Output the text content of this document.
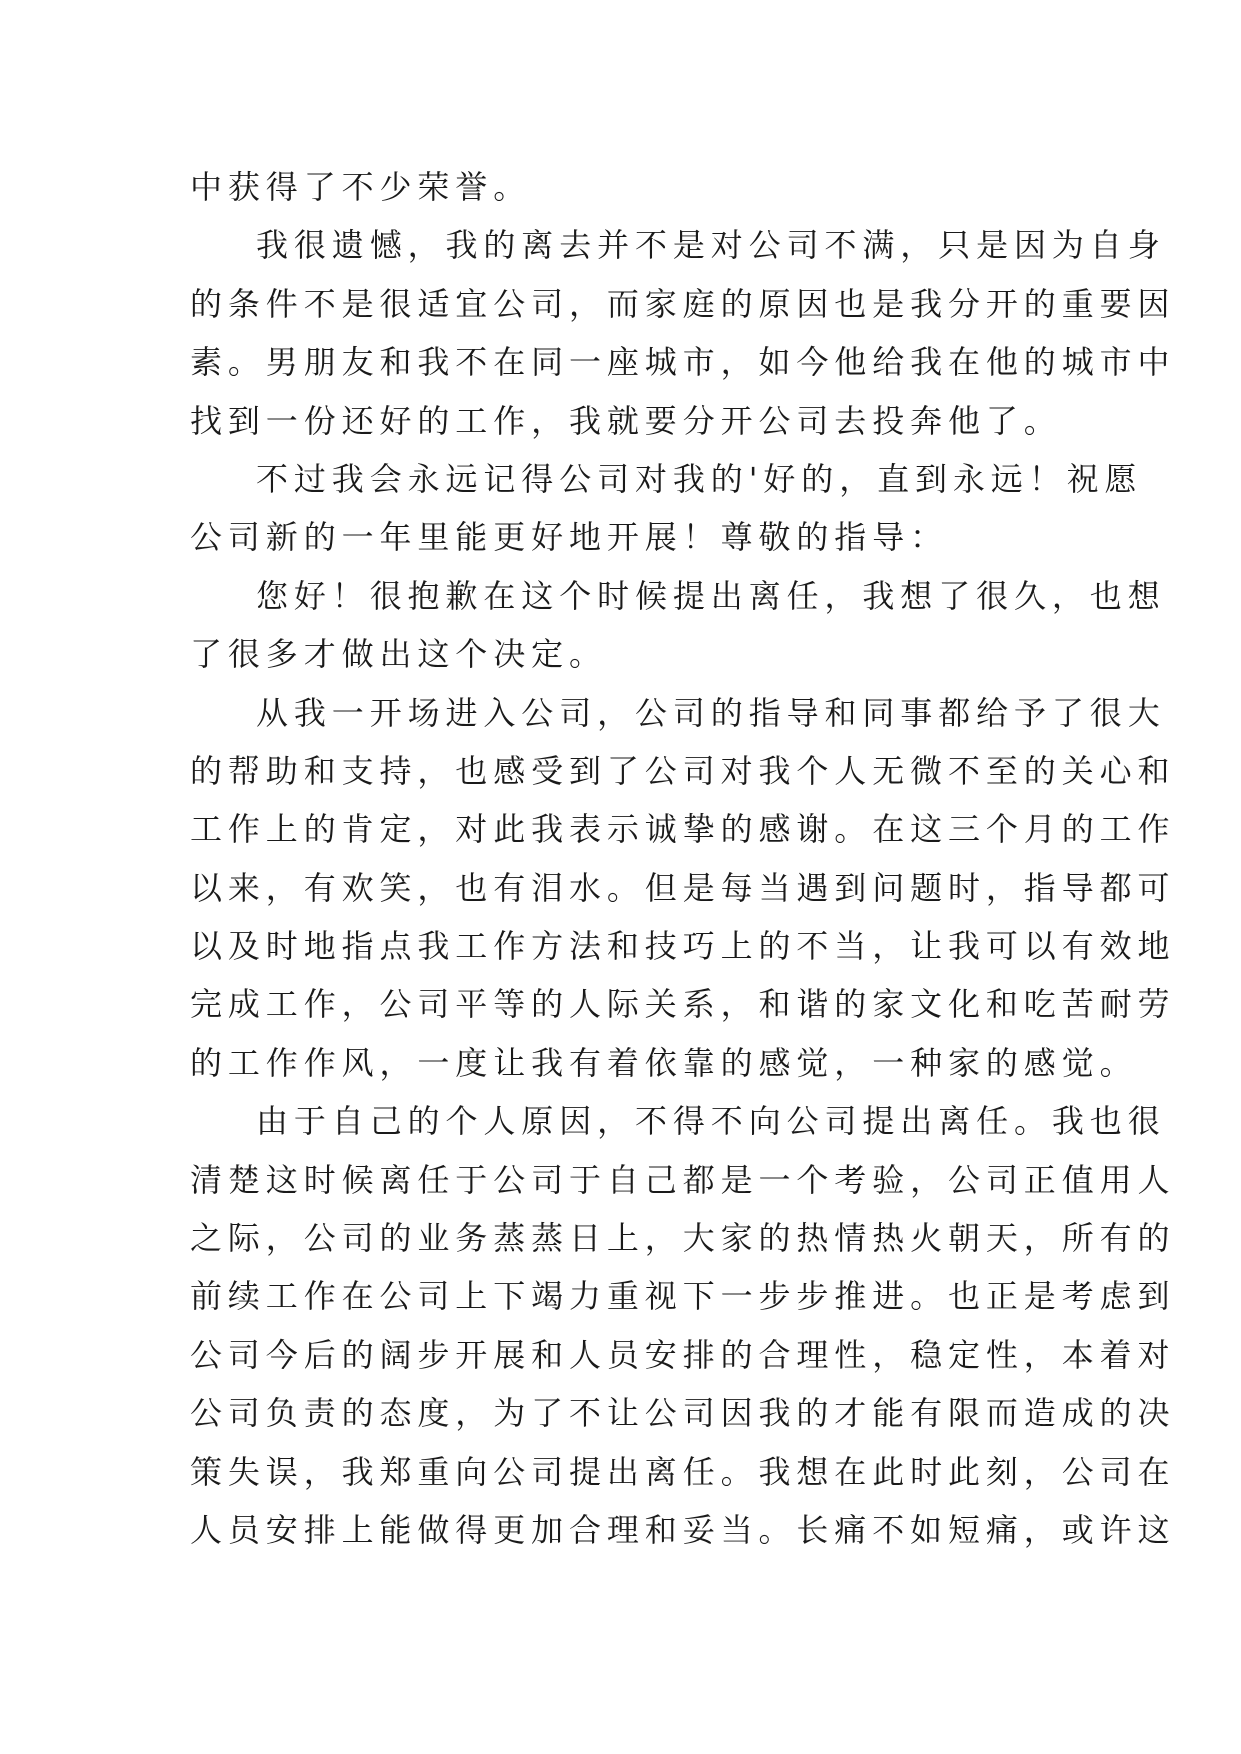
中获得了不少荣誉。
我很遗憾，我的离去并不是对公司不满，只是因为自身
的条件不是很适宜公司，而家庭的原因也是我分开的重要因
素。男朋友和我不在同一座城市，如今他给我在他的城市中
找到一份还好的工作，我就要分开公司去投奔他了。
不过我会永远记得公司对我的'好的，直到永远！祝愿
公司新的一年里能更好地开展！尊敬的指导：
您好！很抱歉在这个时候提出离任，我想了很久，也想
了很多才做出这个决定。
从我一开场进入公司，公司的指导和同事都给予了很大
的帮助和支持，也感受到了公司对我个人无微不至的关心和
工作上的肯定，对此我表示诚挚的感谢。在这三个月的工作
以来，有欢笑，也有泪水。但是每当遇到问题时，指导都可
以及时地指点我工作方法和技巧上的不当，让我可以有效地
完成工作，公司平等的人际关系，和谐的家文化和吃苦耐劳
的工作作风，一度让我有着依靠的感觉，一种家的感觉。
由于自己的个人原因，不得不向公司提出离任。我也很
清楚这时候离任于公司于自己都是一个考验，公司正值用人
之际，公司的业务蒸蒸日上，大家的热情热火朝天，所有的
前续工作在公司上下竭力重视下一步步推进。也正是考虑到
公司今后的阔步开展和人员安排的合理性，稳定性，本着对
公司负责的态度，为了不让公司因我的才能有限而造成的决
策失误，我郑重向公司提出离任。我想在此时此刻，公司在
人员安排上能做得更加合理和妥当。长痛不如短痛，或许这
